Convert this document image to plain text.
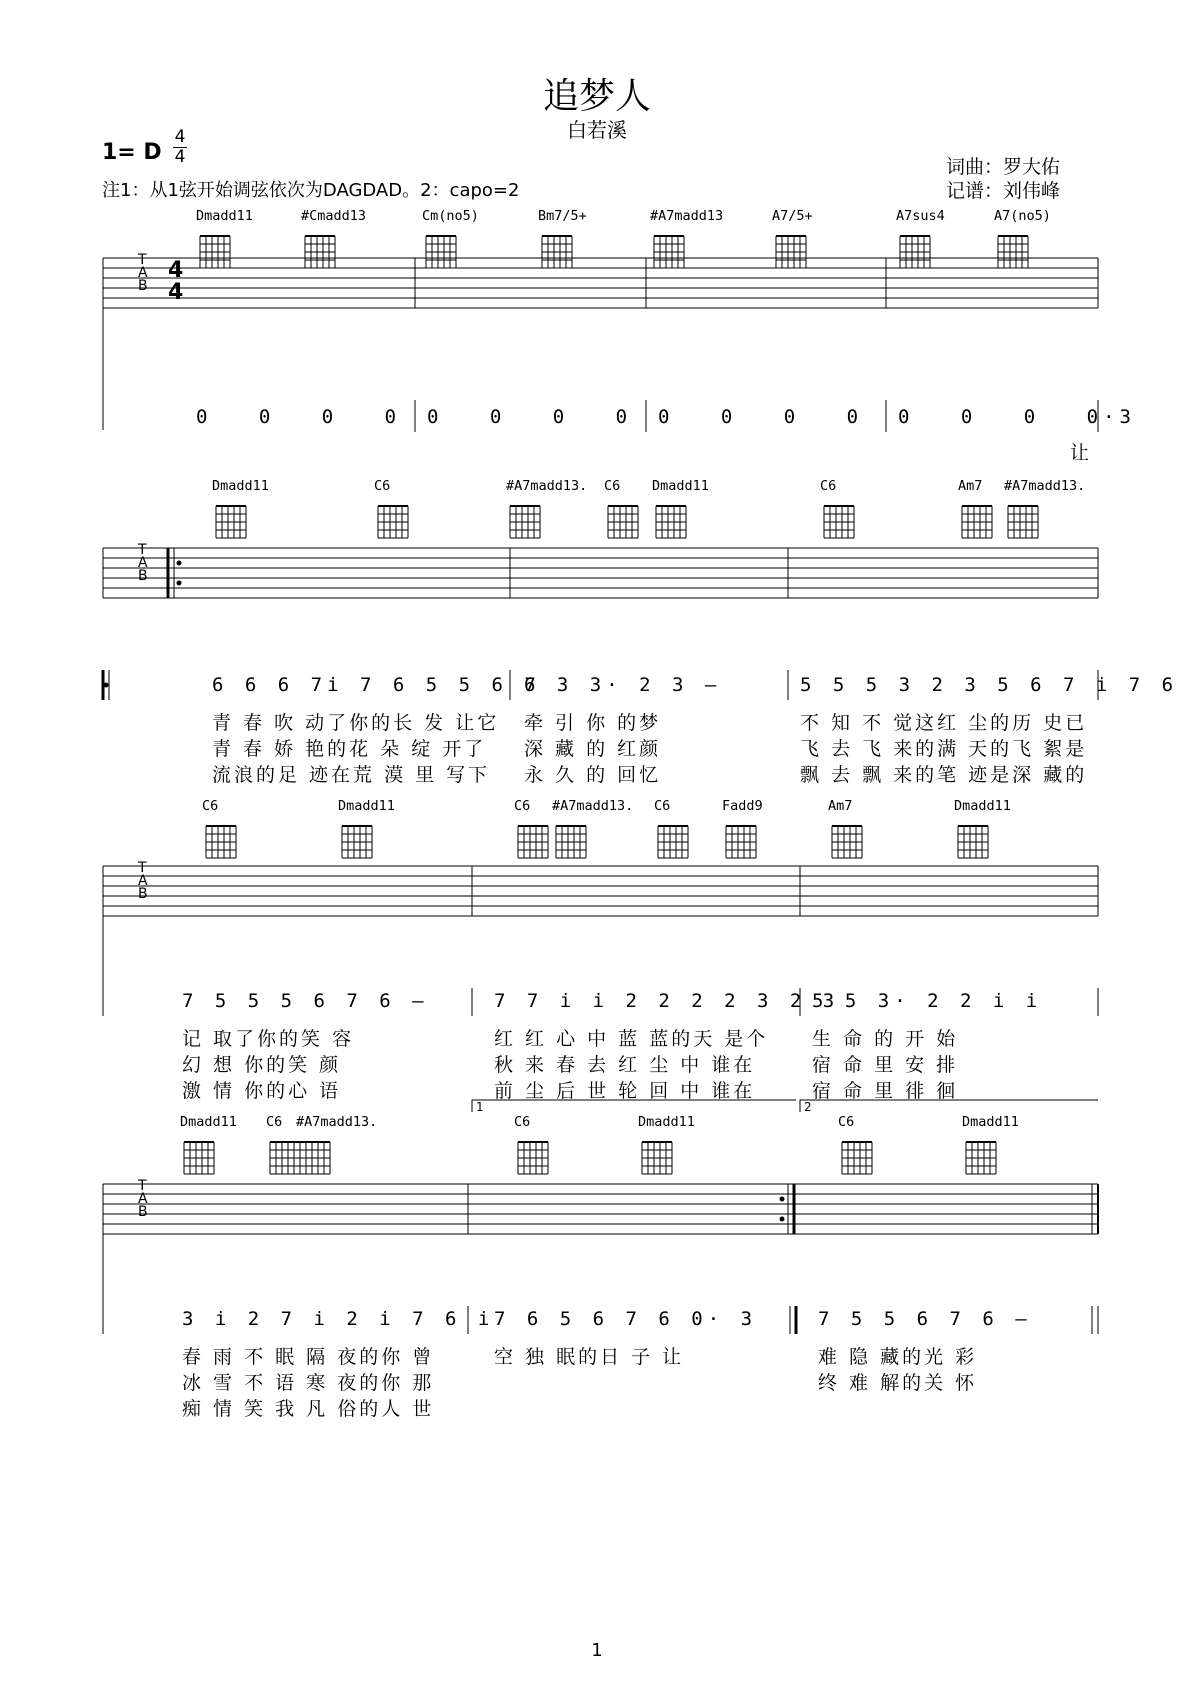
追梦人
白若溪
1= D
4
4
注1：从1弦开始调弦依次为DAGDAD。2：capo=2
词曲：罗大佑
记谱：刘伟峰
T
A
B
4
4
T
A
B
T
A
B
T
A
B
Dmadd11	#Cmadd13	Cm(no5)	Bm7/5+	#A7madd13	A7/5+	A7sus4	A7(no5)
0 0 0 0 0 0 0 0 0 0 0 0 0 0 0 0·3
让
Dmadd11	C6	#A7madd13. C6 Dmadd11	C6	Am7 #A7madd13.
6 6 6 7i 7 6 5 5 6 7
6 3 3· 2 3 –	5 5 5 3 2 3 5 6 7 i 7 6
青 春 吹 动了你的长 发 让它 牵 引 你 的梦	不 知 不 觉这红 尘的历 史已
青 春 娇 艳的花 朵 绽 开了 深 藏 的 红颜	飞 去 飞 来的满 天的飞 絮是
流浪的足 迹在荒 漠 里 写下 永 久 的 回忆	飘 去 飘 来的笔 迹是深 藏的
C6	Dmadd11	C6 #A7madd13. C6	Fadd9	Am7	Dmadd11
7 5 5 5 6 7 6 –	7 7 i i 2 2 2 2 3 2 3
5 5 3· 2 2 i i
记 取了你的笑 容	红 红 心 中 蓝 蓝的天 是个 生 命 的 开 始
幻 想 你的笑 颜	秋 来 春 去 红 尘 中 谁在	宿 命 里 安 排
激 情 你的心 语	前 尘 后 世 轮 回 中 谁在	宿 命 里 徘 徊
1	2
Dmadd11 C6 #A7madd13.	C6	Dmadd11	C6	Dmadd11
3 i 2 7 i 2 i 7 6 i 7 6 5 6 7 6 0· 3	7 5 5 6 7 6 –
春 雨 不 眠 隔 夜的你 曾	空 独 眠的日 子 让	难 隐 藏的光 彩
冰 雪 不 语 寒 夜的你 那	终 难 解的关 怀
痴 情 笑 我 凡 俗的人 世
1
